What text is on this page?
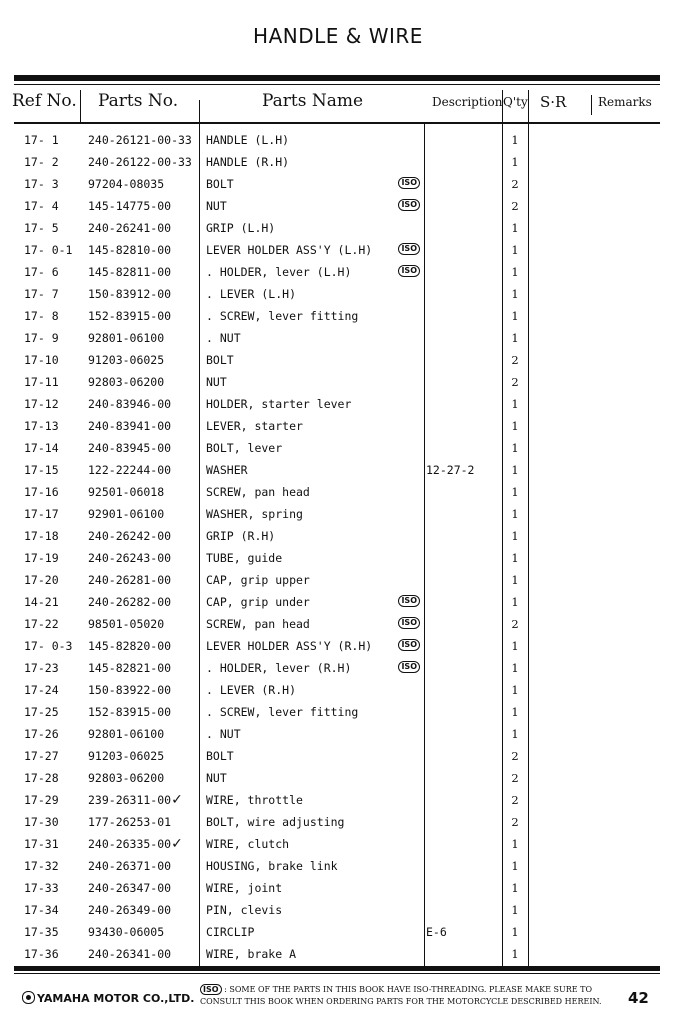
HANDLE & WIRE
Ref No. Parts No.	Parts Name	Description Q'ty S·R	Remarks
17- 1	240-26121-00-33	HANDLE (L.H)		1
17- 2	240-26122-00-33	HANDLE (R.H)		1
17- 3	97204-08035	BOLT ISO		2
17- 4	145-14775-00	NUT ISO		2
17- 5	240-26241-00	GRIP (L.H)		1
17- 0-1	145-82810-00	LEVER HOLDER ASS'Y (L.H) ISO		1
17- 6	145-82811-00	. HOLDER, lever (L.H) ISO		1
17- 7	150-83912-00	. LEVER (L.H)		1
17- 8	152-83915-00	. SCREW, lever fitting		1
17- 9	92801-06100	. NUT		1
17-10	91203-06025	BOLT		2
17-11	92803-06200	NUT		2
17-12	240-83946-00	HOLDER, starter lever		1
17-13	240-83941-00	LEVER, starter		1
17-14	240-83945-00	BOLT, lever		1
17-15	122-22244-00	WASHER	12-27-2	1
17-16	92501-06018	SCREW, pan head		1
17-17	92901-06100	WASHER, spring		1
17-18	240-26242-00	GRIP (R.H)		1
17-19	240-26243-00	TUBE, guide		1
17-20	240-26281-00	CAP, grip upper		1
14-21	240-26282-00	CAP, grip under ISO		1
17-22	98501-05020	SCREW, pan head ISO		2
17- 0-3	145-82820-00	LEVER HOLDER ASS'Y (R.H) ISO		1
17-23	145-82821-00	. HOLDER, lever (R.H) ISO		1
17-24	150-83922-00	. LEVER (R.H)		1
17-25	152-83915-00	. SCREW, lever fitting		1
17-26	92801-06100	. NUT		1
17-27	91203-06025	BOLT		2
17-28	92803-06200	NUT		2
17-29	239-26311-00✓	WIRE, throttle		2
17-30	177-26253-01	BOLT, wire adjusting		2
17-31	240-26335-00✓	WIRE, clutch		1
17-32	240-26371-00	HOUSING, brake link		1
17-33	240-26347-00	WIRE, joint		1
17-34	240-26349-00	PIN, clevis		1
17-35	93430-06005	CIRCLIP	E-6	1
17-36	240-26341-00	WIRE, brake A		1
YAMAHA MOTOR CO.,LTD.
ISO : SOME OF THE PARTS IN THIS BOOK HAVE ISO-THREADING. PLEASE MAKE SURE TO
CONSULT THIS BOOK WHEN ORDERING PARTS FOR THE MOTORCYCLE DESCRIBED HEREIN. 42
